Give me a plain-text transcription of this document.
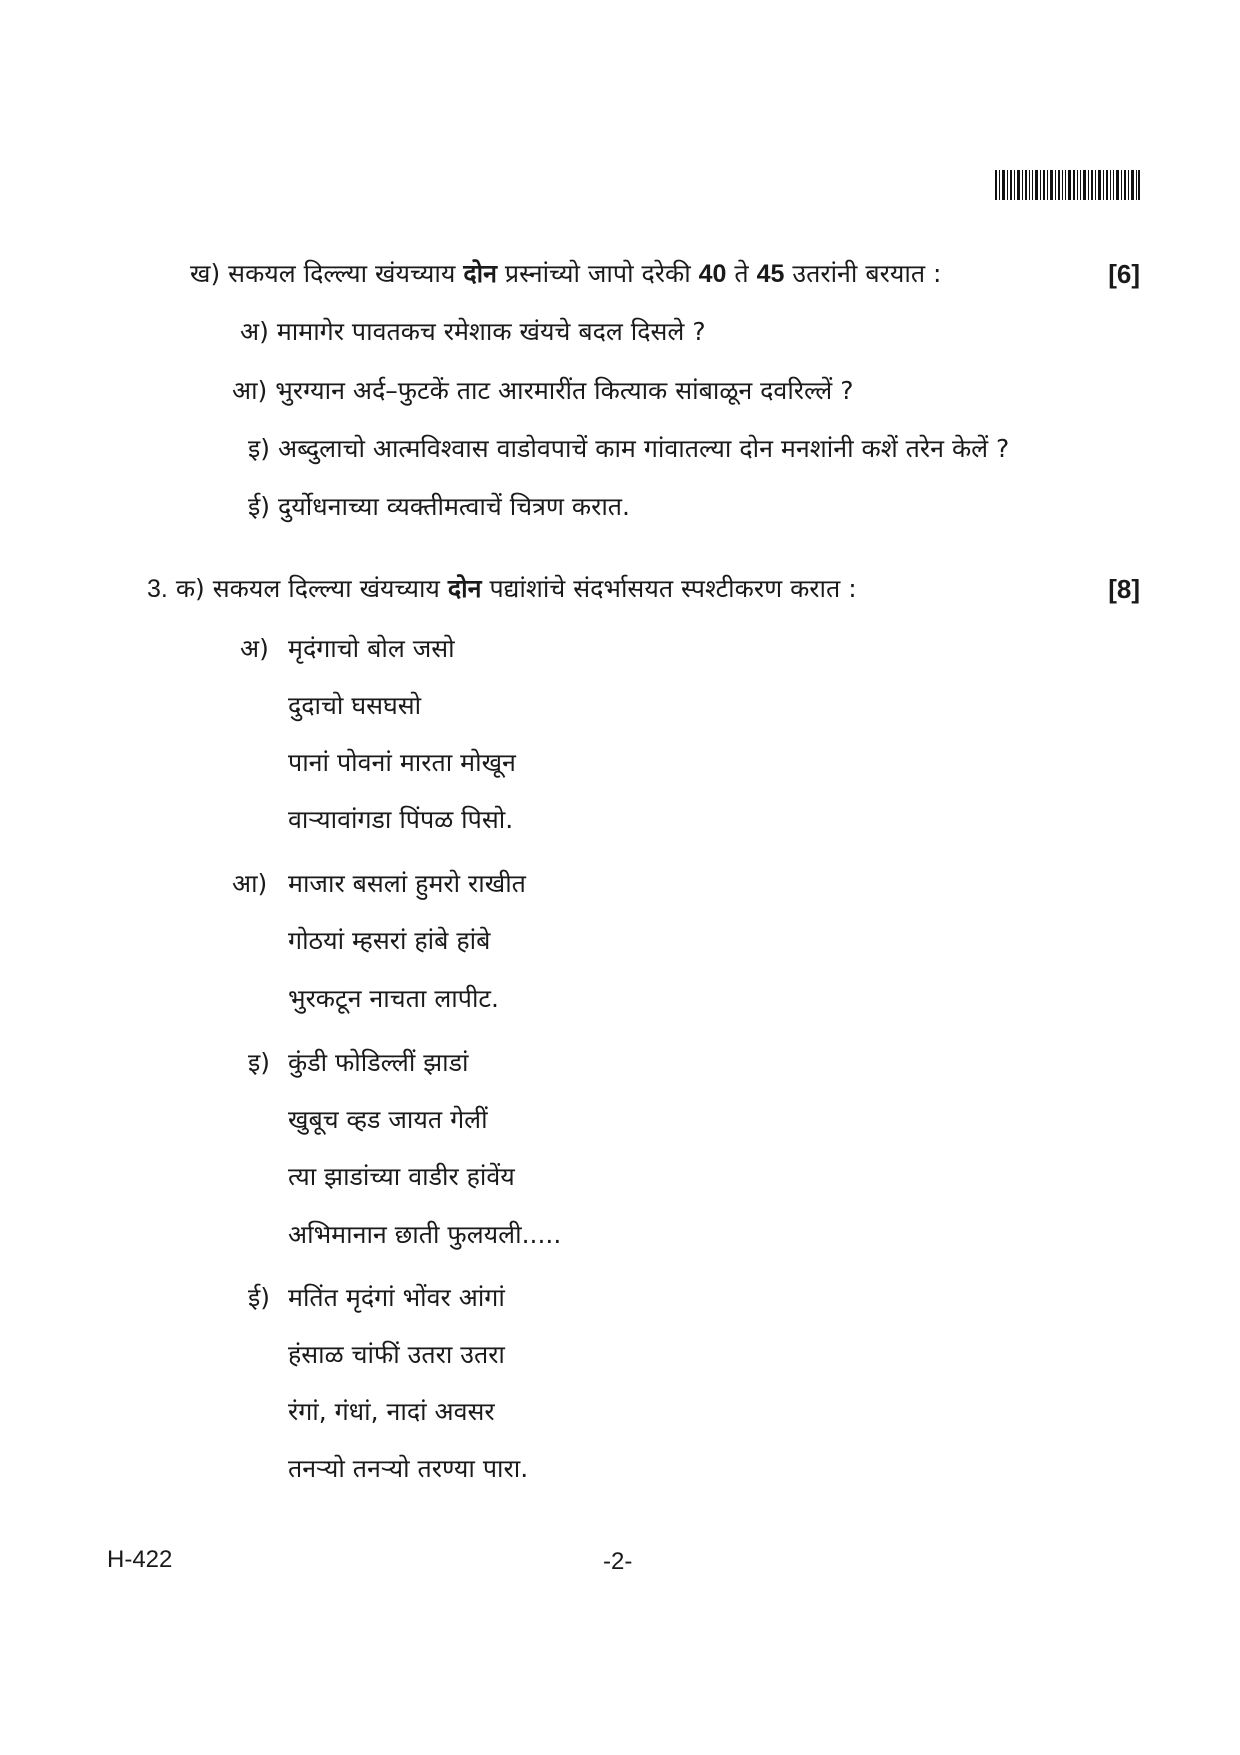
ख) सकयल दिल्ल्या खंयच्याय दोन प्रस्नांच्यो जापो दरेकी 40 ते 45 उतरांनी बरयात :	[6]
अ) मामागेर पावतकच रमेशाक खंयचे बदल दिसले ?
आ) भुरग्यान अर्द–फुटकें ताट आरमारींत कित्याक सांबाळून दवरिल्लें ?
इ) अब्दुलाचो आत्मविश्वास वाडोवपाचें काम गांवातल्या दोन मनशांनी कशें तरेन केलें ?
ई) दुर्योधनाच्या व्यक्तीमत्वाचें चित्रण करात.
3. क) सकयल दिल्ल्या खंयच्याय दोन पद्यांशांचे संदर्भासयत स्पश्टीकरण करात :	[8]
अ) मृदंगाचो बोल जसो
दुदाचो घसघसो
पानां पोवनां मारता मोखून
वाऱ्यावांगडा पिंपळ पिसो.
आ) माजार बसलां हुमरो राखीत
गोठयां म्हसरां हांबे हांबे
भुरकटून नाचता लापीट.
इ) कुंडी फोडिल्लीं झाडां
खुबूच व्हड जायत गेलीं
त्या झाडांच्या वाडीर हांवेंय
अभिमानान छाती फुलयली.....
ई) मतिंत मृदंगां भोंवर आंगां
हंसाळ चांफीं उतरा उतरा
रंगां, गंधां, नादां अवसर
तनऱ्यो तनऱ्यो तरण्या पारा.
H-422	-2-
